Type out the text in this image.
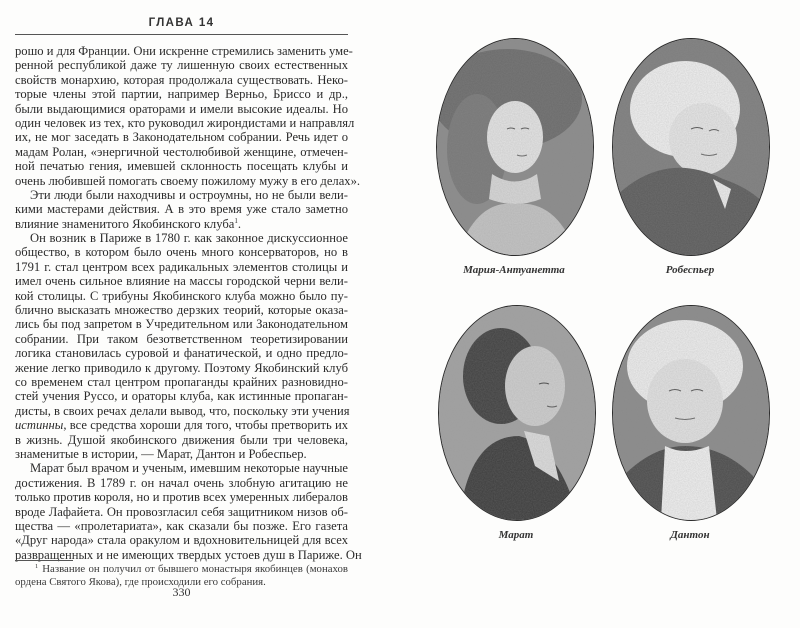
ГЛАВА 14
рошо и для Франции. Они искренне стремились заменить умe-
ренной республикой даже ту лишенную своих естественных
свойств монархию, которая продолжала существовать. Неко-
торые члены этой партии, например Верньо, Бриссо и др.,
были выдающимися ораторами и имели высокие идеалы. Но
один человек из тех, кто руководил жирондистами и направлял
их, не мог заседать в Законодательном собрании. Речь идет о
мадам Ролан, «энергичной честолюбивой женщине, отмечен-
ной печатью гения, имевшей склонность посещать клубы и
очень любившей помогать своему пожилому мужу в его делах».
Эти люди были находчивы и остроумны, но не были вели-
кими мастерами действия. А в это время уже стало заметно
влияние знаменитого Якобинского клуба$^1$.
Он возник в Париже в 1780 г. как законное дискуссионное
общество, в котором было очень много консерваторов, но в
1791 г. стал центром всех радикальных элементов столицы и
имел очень сильное влияние на массы городской черни вели-
кой столицы. С трибуны Якобинского клуба можно было пу-
блично высказать множество дерзких теорий, которые оказа-
лись бы под запретом в Учредительном или Законодательном
собрании. При таком безответственном теоретизировании
логика становилась суровой и фанатической, и одно предло-
жение легко приводило к другому. Поэтому Якобинский клуб
со временем стал центром пропаганды крайних разновидно-
стей учения Руссо, и ораторы клуба, как истинные пропаган-
дисты, в своих речах делали вывод, что, поскольку эти учения
истинны, все средства хороши для того, чтобы претворить их
в жизнь. Душой якобинского движения были три человека,
знаменитые в истории, — Марат, Дантон и Робеспьер.
Марат был врачом и ученым, имевшим некоторые научные
достижения. В 1789 г. он начал очень злобную агитацию не
только против короля, но и против всех умеренных либералов
вроде Лафайета. Он провозгласил себя защитником низов об-
щества — «пролетариата», как сказали бы позже. Его газета
«Друг народа» стала оракулом и вдохновительницей для всех
развращенных и не имеющих твердых устоев душ в Париже. Он
$^1$ Название он получил от бывшего монастыря якобинцев (монахов
ордена Святого Якова), где происходили его собрания.
330
Мария-Антуанетта	Робеспьер
Марат	Дантон
